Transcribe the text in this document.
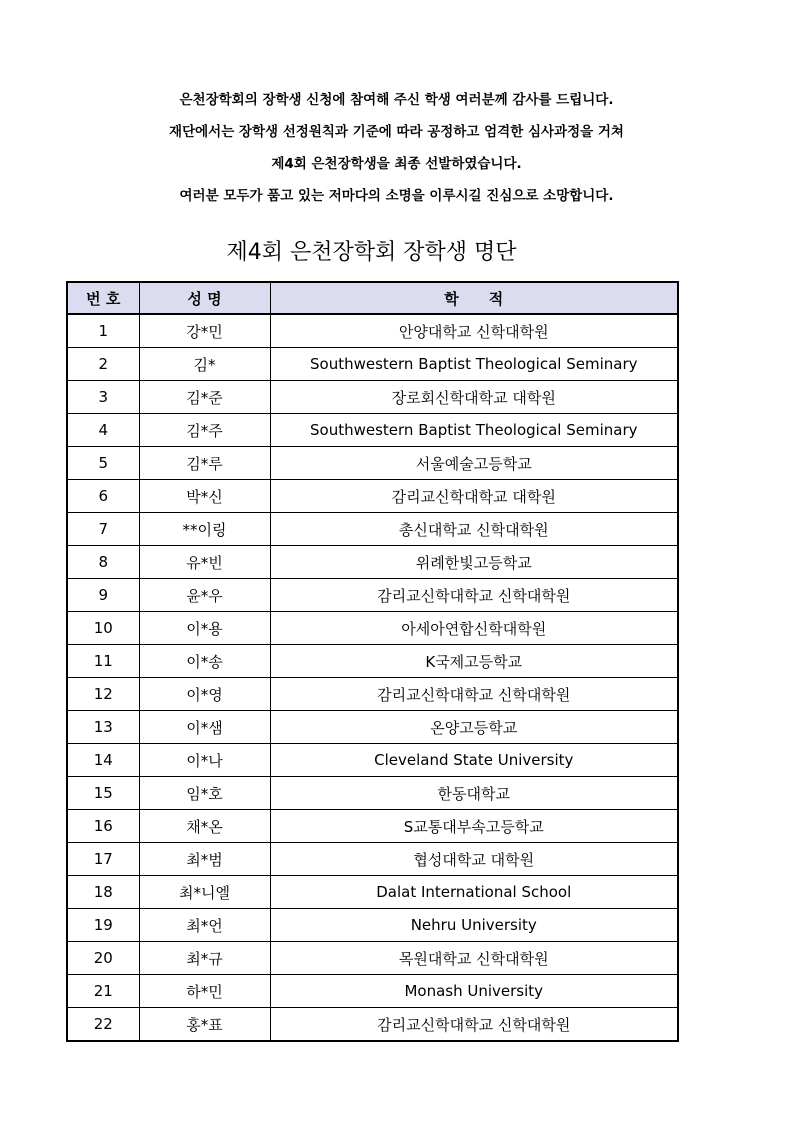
은천장학회의 장학생 신청에 참여해 주신 학생 여러분께 감사를 드립니다.
재단에서는 장학생 선정원칙과 기준에 따라 공정하고 엄격한 심사과정을 거쳐
제4회 은천장학생을 최종 선발하였습니다.
여러분 모두가 품고 있는 저마다의 소명을 이루시길 진심으로 소망합니다.
제4회 은천장학회 장학생 명단
번 호	성 명	학　　적
1	강*민	안양대학교 신학대학원
2	김*	Southwestern Baptist Theological Seminary
3	김*준	장로회신학대학교 대학원
4	김*주	Southwestern Baptist Theological Seminary
5	김*루	서울예술고등학교
6	박*신	감리교신학대학교 대학원
7	**이링	총신대학교 신학대학원
8	유*빈	위례한빛고등학교
9	윤*우	감리교신학대학교 신학대학원
10	이*용	아세아연합신학대학원
11	이*송	K국제고등학교
12	이*영	감리교신학대학교 신학대학원
13	이*샘	온양고등학교
14	이*나	Cleveland State University
15	임*호	한동대학교
16	채*온	S교통대부속고등학교
17	최*범	협성대학교 대학원
18	최*니엘	Dalat International School
19	최*언	Nehru University
20	최*규	목원대학교 신학대학원
21	하*민	Monash University
22	홍*표	감리교신학대학교 신학대학원
